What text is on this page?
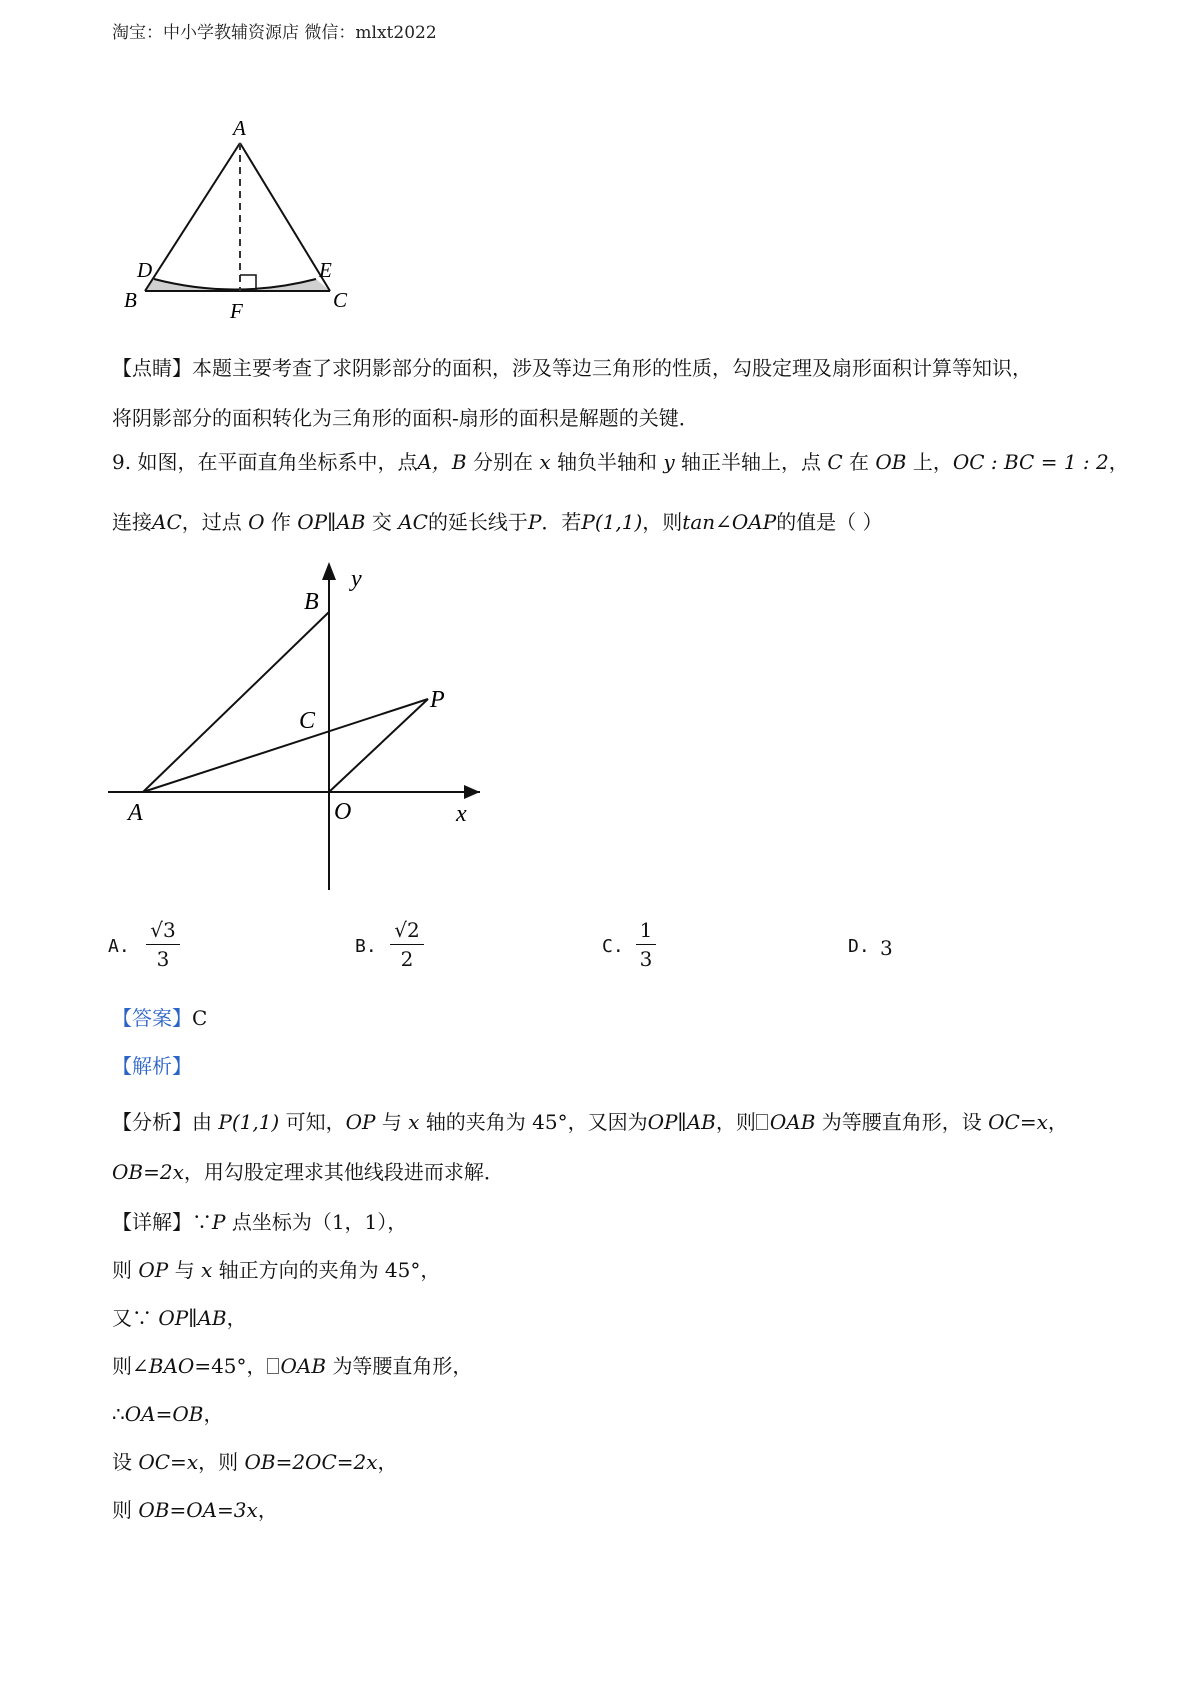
淘宝：中小学教辅资源店 微信：mlxt2022
A
B	C
D	E
F
【点睛】本题主要考查了求阴影部分的面积，涉及等边三角形的性质，勾股定理及扇形面积计算等知识，
将阴影部分的面积转化为三角形的面积-扇形的面积是解题的关键．
9. 如图，在平面直角坐标系中，点A，B 分别在 x 轴负半轴和 y 轴正半轴上，点 C 在 OB 上，OC : BC = 1 : 2，
连接AC，过点 O 作 OP∥AB 交 AC的延长线于P．若P(1,1)，则tan∠OAP的值是（ ）
y
B
P
C
A	O	x
A.
√3
3
B.
√2
2
C.
1
3
D. 3
【答案】C
【解析】
【分析】由 P(1,1) 可知，OP 与 x 轴的夹角为 45°，又因为OP∥AB，则 OAB 为等腰直角形，设 OC=x，
OB=2x，用勾股定理求其他线段进而求解．
【详解】∵P 点坐标为（1，1），
则 OP 与 x 轴正方向的夹角为 45°，
又∵ OP∥AB，
则∠BAO=45°， OAB 为等腰直角形，
∴OA=OB，
设 OC=x，则 OB=2OC=2x，
则 OB=OA=3x，
